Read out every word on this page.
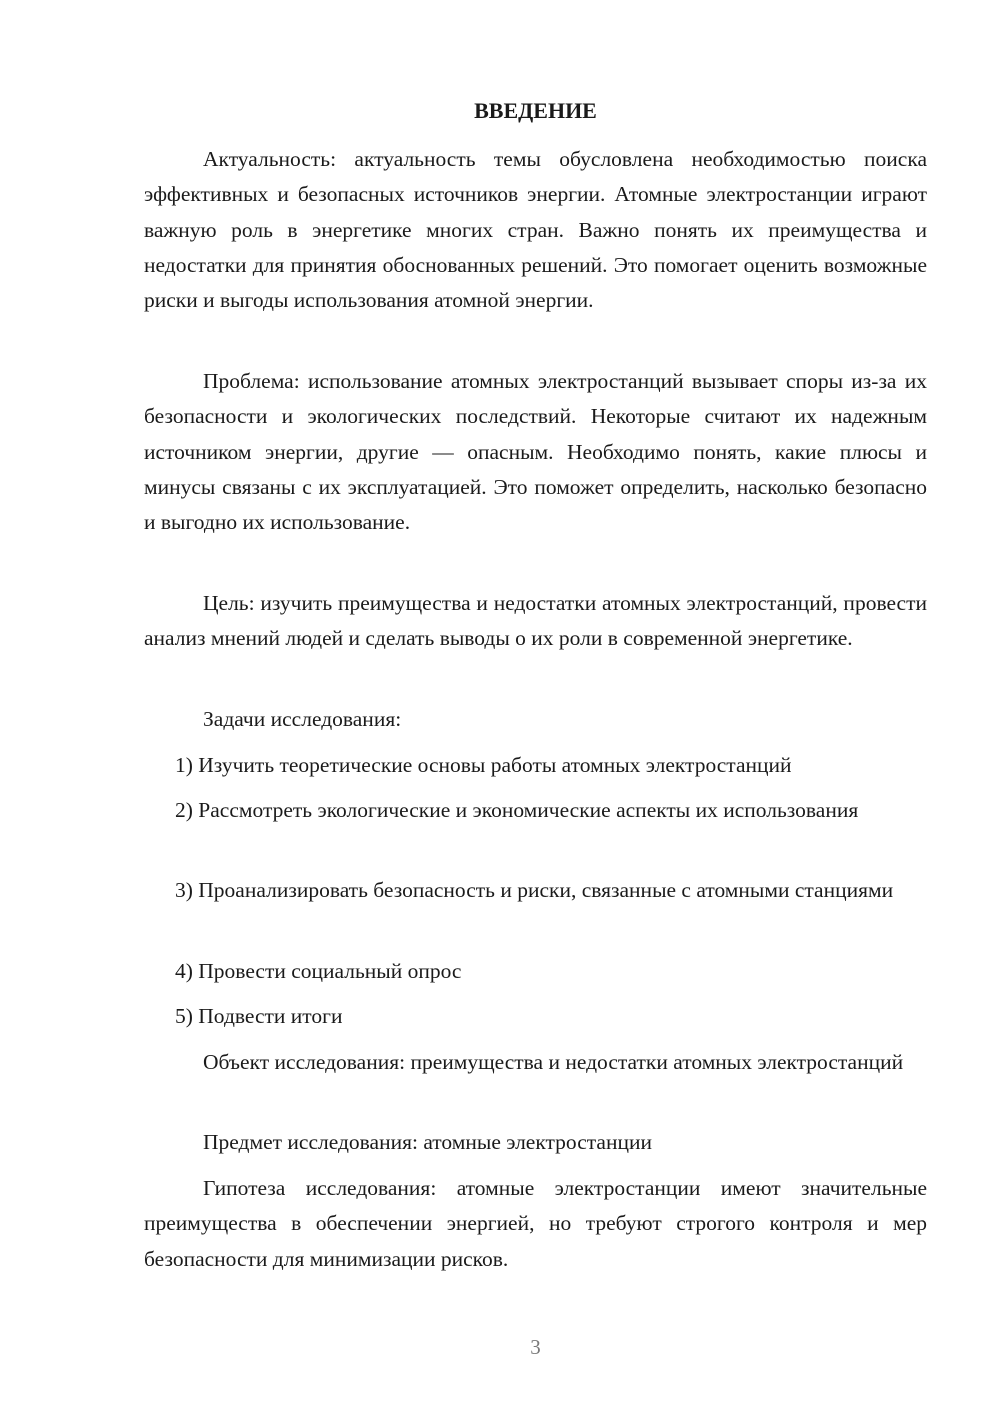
ВВЕДЕНИЕ

Актуальность: актуальность темы обусловлена необходимостью поиска эффективных и безопасных источников энергии. Атомные электростанции играют важную роль в энергетике многих стран. Важно понять их преимущества и недостатки для принятия обоснованных решений. Это помогает оценить возможные риски и выгоды использования атомной энергии.

Проблема: использование атомных электростанций вызывает споры из-за их безопасности и экологических последствий. Некоторые считают их надежным источником энергии, другие — опасным. Необходимо понять, какие плюсы и минусы связаны с их эксплуатацией. Это поможет определить, насколько безопасно и выгодно их использование.

Цель: изучить преимущества и недостатки атомных электростанций, провести анализ мнений людей и сделать выводы о их роли в современной энергетике.

Задачи исследования:

1) Изучить теоретические основы работы атомных электростанций

2) Рассмотреть экологические и экономические аспекты их использования

3) Проанализировать безопасность и риски, связанные с атомными станциями

4) Провести социальный опрос

5) Подвести итоги

Объект исследования: преимущества и недостатки атомных электростанций

Предмет исследования: атомные электростанции

Гипотеза исследования: атомные электростанции имеют значительные преимущества в обеспечении энергией, но требуют строгого контроля и мер безопасности для минимизации рисков.

3
